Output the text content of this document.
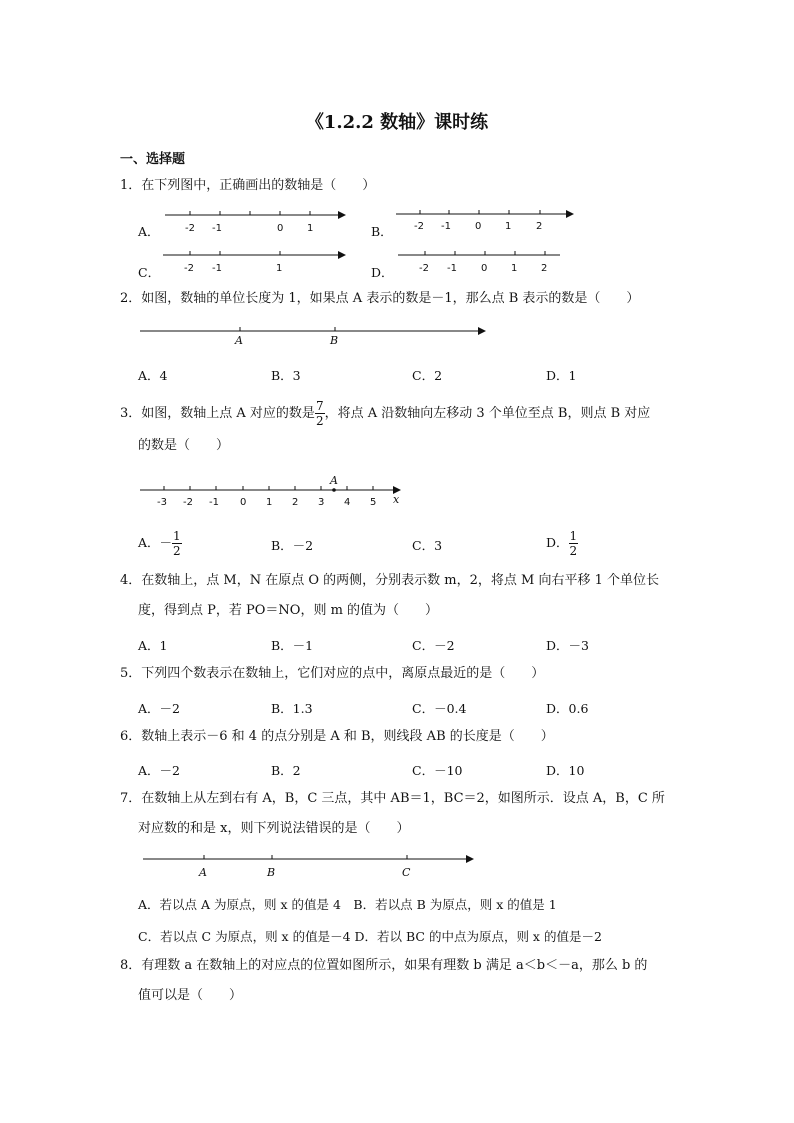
《1.2.2 数轴》课时练
一、选择题
1．在下列图中，正确画出的数轴是（　　）
A．	-2 -1	0 1	B． -2 -1 0 1 2
C． -2 -1	1	D．	-2 -1 0 1 2
2．如图，数轴的单位长度为 1，如果点 A 表示的数是－1，那么点 B 表示的数是（　　）
A	B
A．4	B．3	C．2	D．1
3．如图，数轴上点 A 对应的数是 $\frac{7}{2}$ ，将点 A 沿数轴向左移动 3 个单位至点 B，则点 B 对应
的数是（　　）
A
x
-3 -2 -1 0 1 2 3 4 5
A．－ $\frac{1}{2}$	B．－2	C．3	D． $\frac{1}{2}$
4．在数轴上，点 M，N 在原点 O 的两侧，分别表示数 m，2，将点 M 向右平移 1 个单位长
度，得到点 P，若 PO＝NO，则 m 的值为（　　）
A．1	B．－1	C．－2	D．－3
5．下列四个数表示在数轴上，它们对应的点中，离原点最近的是（　　）
A．－2	B．1.3	C．－0.4	D．0.6
6．数轴上表示－6 和 4 的点分别是 A 和 B，则线段 AB 的长度是（　　）
A．－2	B．2	C．－10	D．10
7．在数轴上从左到右有 A，B，C 三点，其中 AB＝1，BC＝2，如图所示．设点 A，B，C 所
对应数的和是 x，则下列说法错误的是（　　）
A	B	C
A．若以点 A 为原点，则 x 的值是 4　B．若以点 B 为原点，则 x 的值是 1
C．若以点 C 为原点，则 x 的值是－4 D．若以 BC 的中点为原点，则 x 的值是－2
8．有理数 a 在数轴上的对应点的位置如图所示，如果有理数 b 满足 a＜b＜－a，那么 b 的
值可以是（　　）
